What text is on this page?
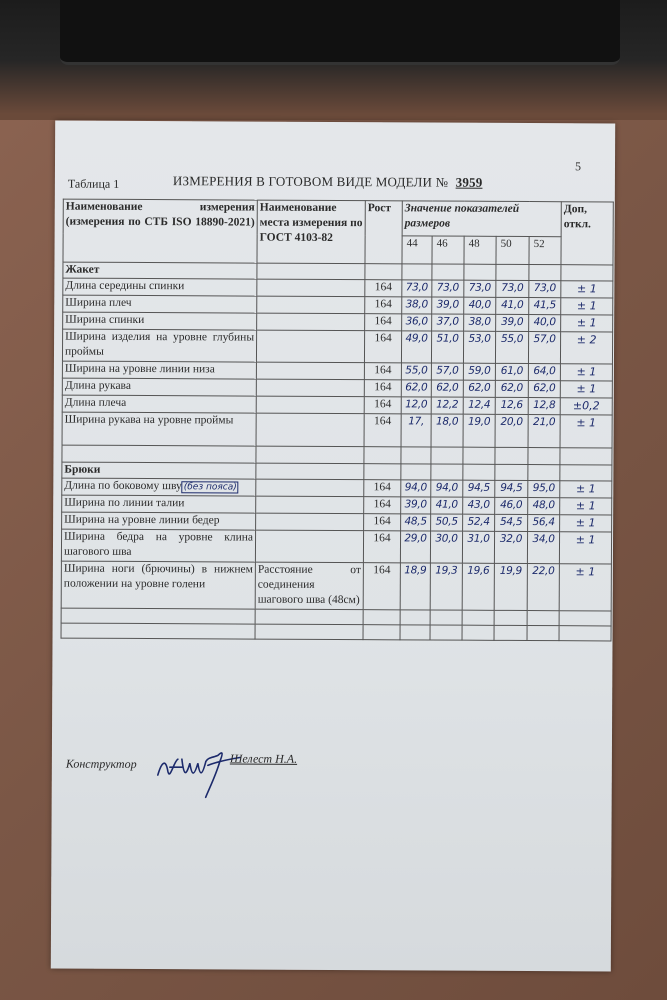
5
Таблица 1	ИЗМЕРЕНИЯ В ГОТОВОМ ВИДЕ МОДЕЛИ № 3959
Наименование измерения (измерения по СТБ ISO 18890-2021)	Наименование места измерения по ГОСТ 4103-82	Рост	Значение показателей размеров					Доп, откл.
			44	46	48	50	52	
Жакет								
Длина середины спинки		164	73,0	73,0	73,0	73,0	73,0	± 1
Ширина плеч		164	38,0	39,0	40,0	41,0	41,5	± 1
Ширина спинки		164	36,0	37,0	38,0	39,0	40,0	± 1
Ширина изделия на уровне глубины проймы		164	49,0	51,0	53,0	55,0	57,0	± 2
Ширина на уровне линии низа		164	55,0	57,0	59,0	61,0	64,0	± 1
Длина рукава		164	62,0	62,0	62,0	62,0	62,0	± 1
Длина плеча		164	12,0	12,2	12,4	12,6	12,8	±0,2
Ширина рукава на уровне проймы		164	17,	18,0	19,0	20,0	21,0	± 1

Брюки								
Длина по боковому шву (без пояса)		164	94,0	94,0	94,5	94,5	95,0	± 1
Ширина по линии талии		164	39,0	41,0	43,0	46,0	48,0	± 1
Ширина на уровне линии бедер		164	48,5	50,5	52,4	54,5	56,4	± 1
Ширина бедра на уровне клина шагового шва		164	29,0	30,0	31,0	32,0	34,0	± 1
Ширина ноги (брючины) в нижнем положении на уровне голени	Расстояние от соединения шагового шва (48см)	164	18,9	19,3	19,6	19,9	22,0	± 1

Конструктор	Шелест Н.А.
